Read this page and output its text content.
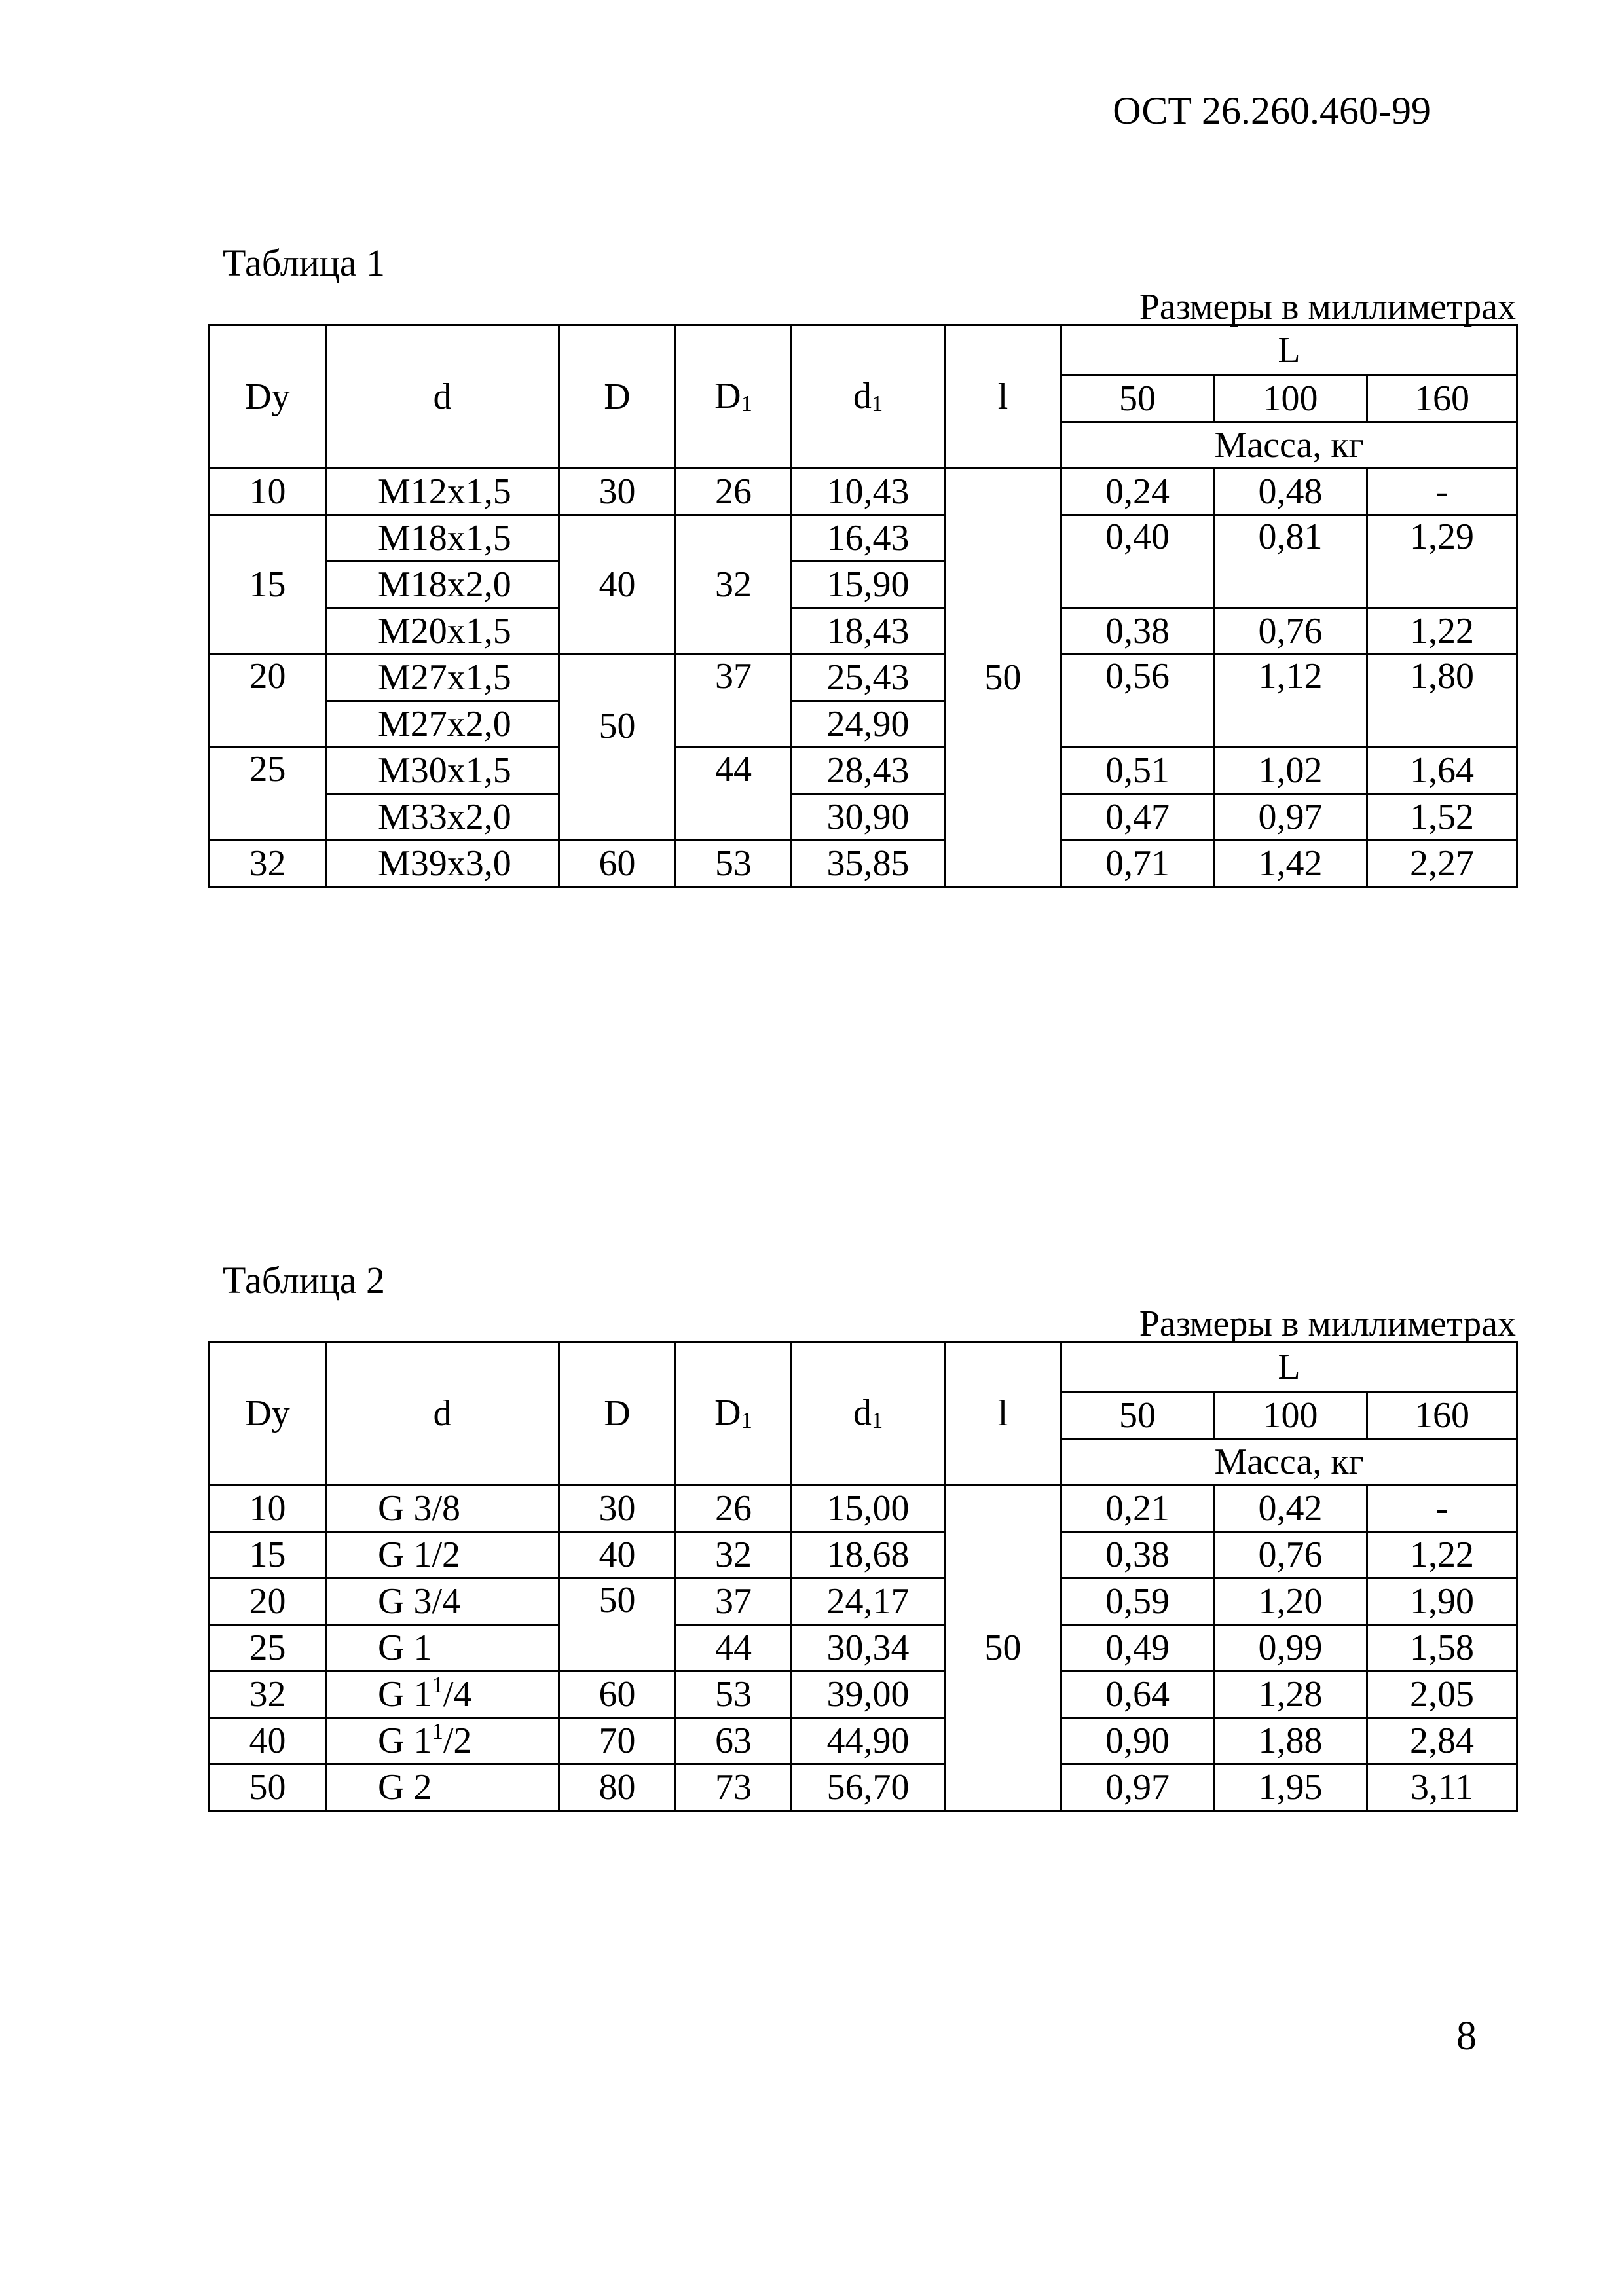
ОСТ 26.260.460-99
Таблица 1
Размеры в миллиметрах
Dy	d	D	$D_1$	$d_1$	l	L		
						50	100	160
						Масса, кг		
10	М12х1,5	30	26	10,43	50	0,24	0,48	-
15	М18х1,5	40	32	16,43		0,40	0,81	1,29
	М18х2,0			15,90				
	М20х1,5			18,43		0,38	0,76	1,22
20	М27х1,5	50	37	25,43		0,56	1,12	1,80
	М27х2,0			24,90				
25	М30х1,5		44	28,43		0,51	1,02	1,64
	М33х2,0			30,90		0,47	0,97	1,52
32	М39х3,0	60	53	35,85		0,71	1,42	2,27
Таблица 2
Размеры в миллиметрах
Dy	d	D	$D_1$	$d_1$	l	L		
						50	100	160
						Масса, кг		
10	G 3/8	30	26	15,00	50	0,21	0,42	-
15	G 1/2	40	32	18,68		0,38	0,76	1,22
20	G 3/4	50	37	24,17		0,59	1,20	1,90
25	G 1		44	30,34		0,49	0,99	1,58
32	G $1^1/4$	60	53	39,00		0,64	1,28	2,05
40	G $1^1/2$	70	63	44,90		0,90	1,88	2,84
50	G 2	80	73	56,70		0,97	1,95	3,11
8
